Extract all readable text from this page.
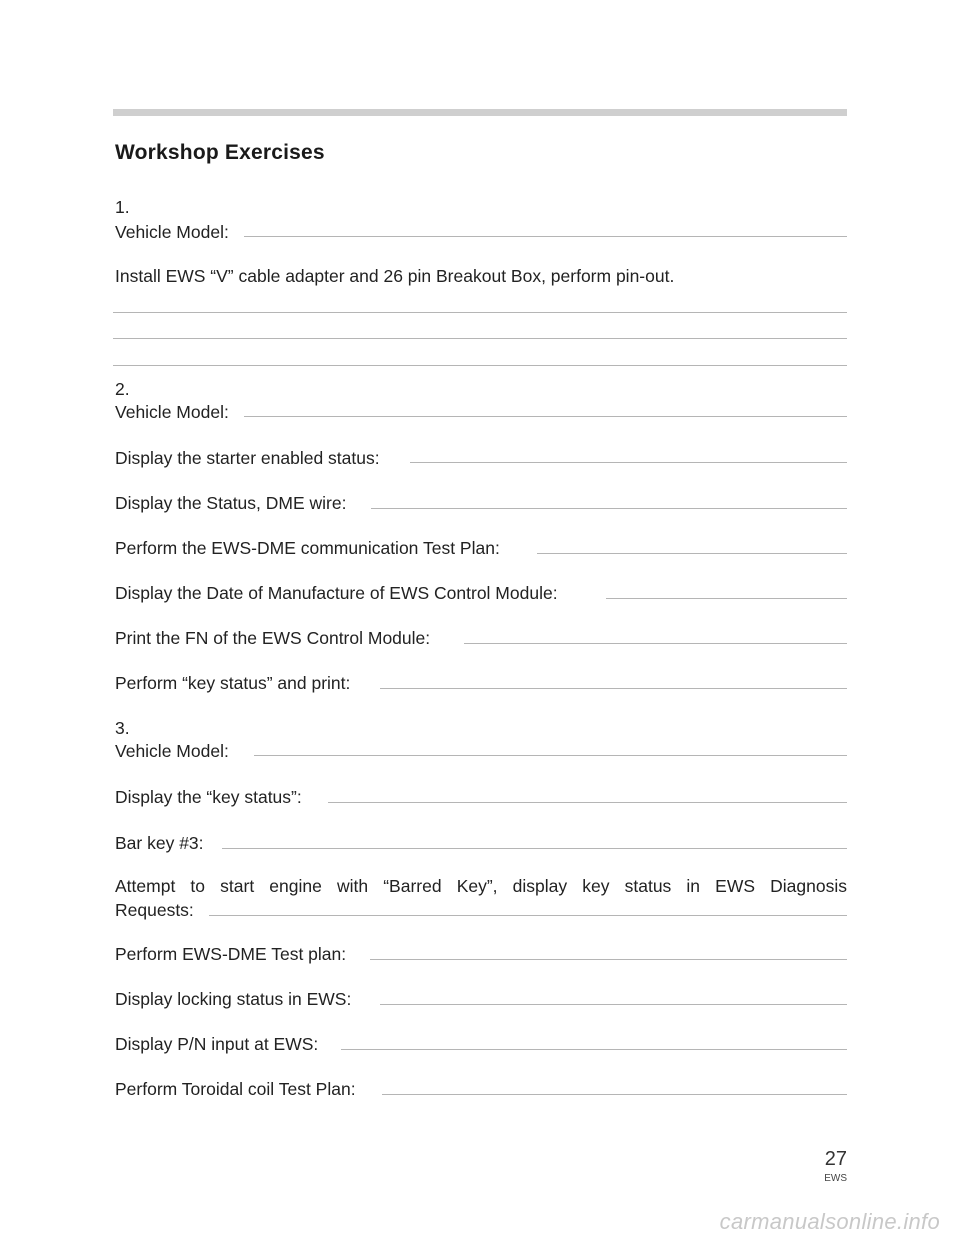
Workshop Exercises
1.
Vehicle Model:
Install EWS “V” cable adapter and 26 pin Breakout Box, perform pin-out.
2.
Vehicle Model:
Display the starter enabled status:
Display the Status, DME wire:
Perform the EWS-DME communication Test Plan:
Display the Date of Manufacture of EWS Control Module:
Print the FN of the EWS Control Module:
Perform “key status” and print:
3.
Vehicle Model:
Display the “key status”:
Bar key #3:
Attempt to start engine with “Barred Key”, display key status in EWS Diagnosis
Requests:
Perform EWS-DME Test plan:
Display locking status in EWS:
Display P/N input at EWS:
Perform Toroidal coil Test Plan:
27
EWS
carmanualsonline.info
